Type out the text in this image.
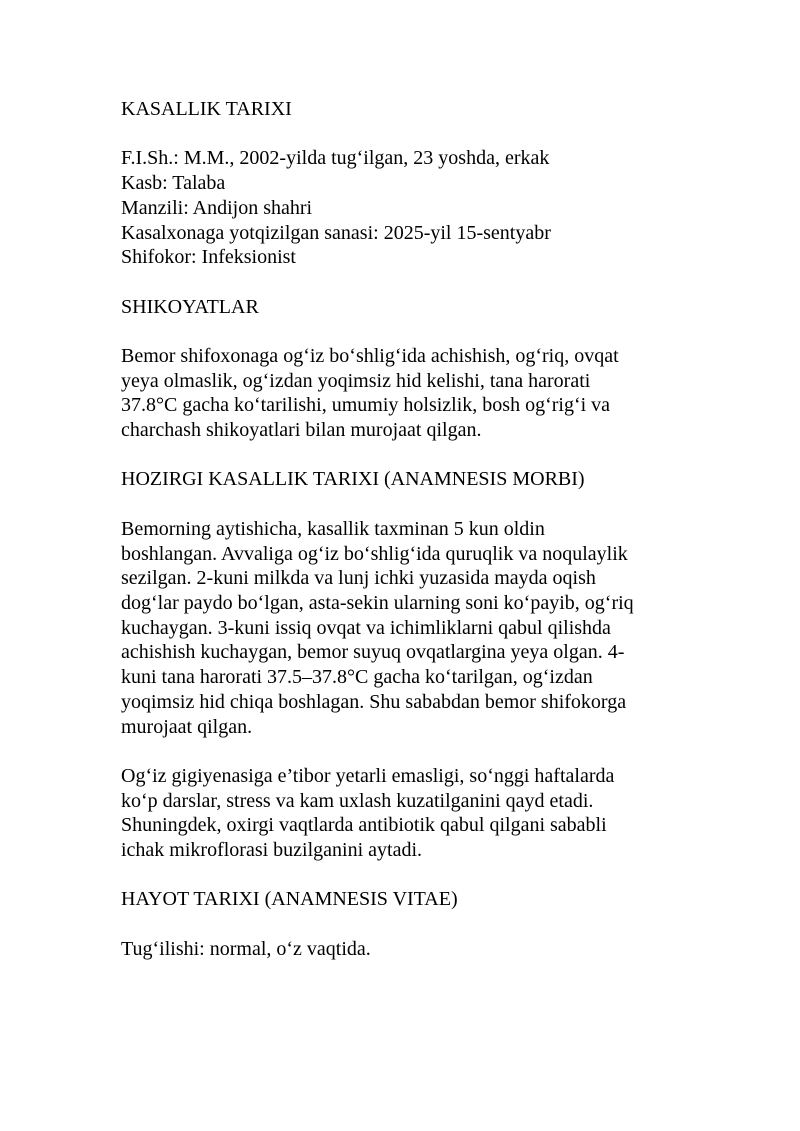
KASALLIK TARIXI
F.I.Sh.: M.M., 2002-yilda tug‘ilgan, 23 yoshda, erkak
Kasb: Talaba
Manzili: Andijon shahri
Kasalxonaga yotqizilgan sanasi: 2025-yil 15-sentyabr
Shifokor: Infeksionist
SHIKOYATLAR

Bemor shifoxonaga og‘iz bo‘shlig‘ida achishish, og‘riq, ovqat
yeya olmaslik, og‘izdan yoqimsiz hid kelishi, tana harorati
37.8°C gacha ko‘tarilishi, umumiy holsizlik, bosh og‘rig‘i va
charchash shikoyatlari bilan murojaat qilgan.

HOZIRGI KASALLIK TARIXI (ANAMNESIS MORBI)

Bemorning aytishicha, kasallik taxminan 5 kun oldin
boshlangan. Avvaliga og‘iz bo‘shlig‘ida quruqlik va noqulaylik
sezilgan. 2-kuni milkda va lunj ichki yuzasida mayda oqish
dog‘lar paydo bo‘lgan, asta-sekin ularning soni ko‘payib, og‘riq
kuchaygan. 3-kuni issiq ovqat va ichimliklarni qabul qilishda
achishish kuchaygan, bemor suyuq ovqatlargina yeya olgan. 4-
kuni tana harorati 37.5–37.8°C gacha ko‘tarilgan, og‘izdan
yoqimsiz hid chiqa boshlagan. Shu sababdan bemor shifokorga
murojaat qilgan.

Og‘iz gigiyenasiga e’tibor yetarli emasligi, so‘nggi haftalarda
ko‘p darslar, stress va kam uxlash kuzatilganini qayd etadi.
Shuningdek, oxirgi vaqtlarda antibiotik qabul qilgani sababli
ichak mikroflorasi buzilganini aytadi.

HAYOT TARIXI (ANAMNESIS VITAE)

Tug‘ilishi: normal, o‘z vaqtida.
